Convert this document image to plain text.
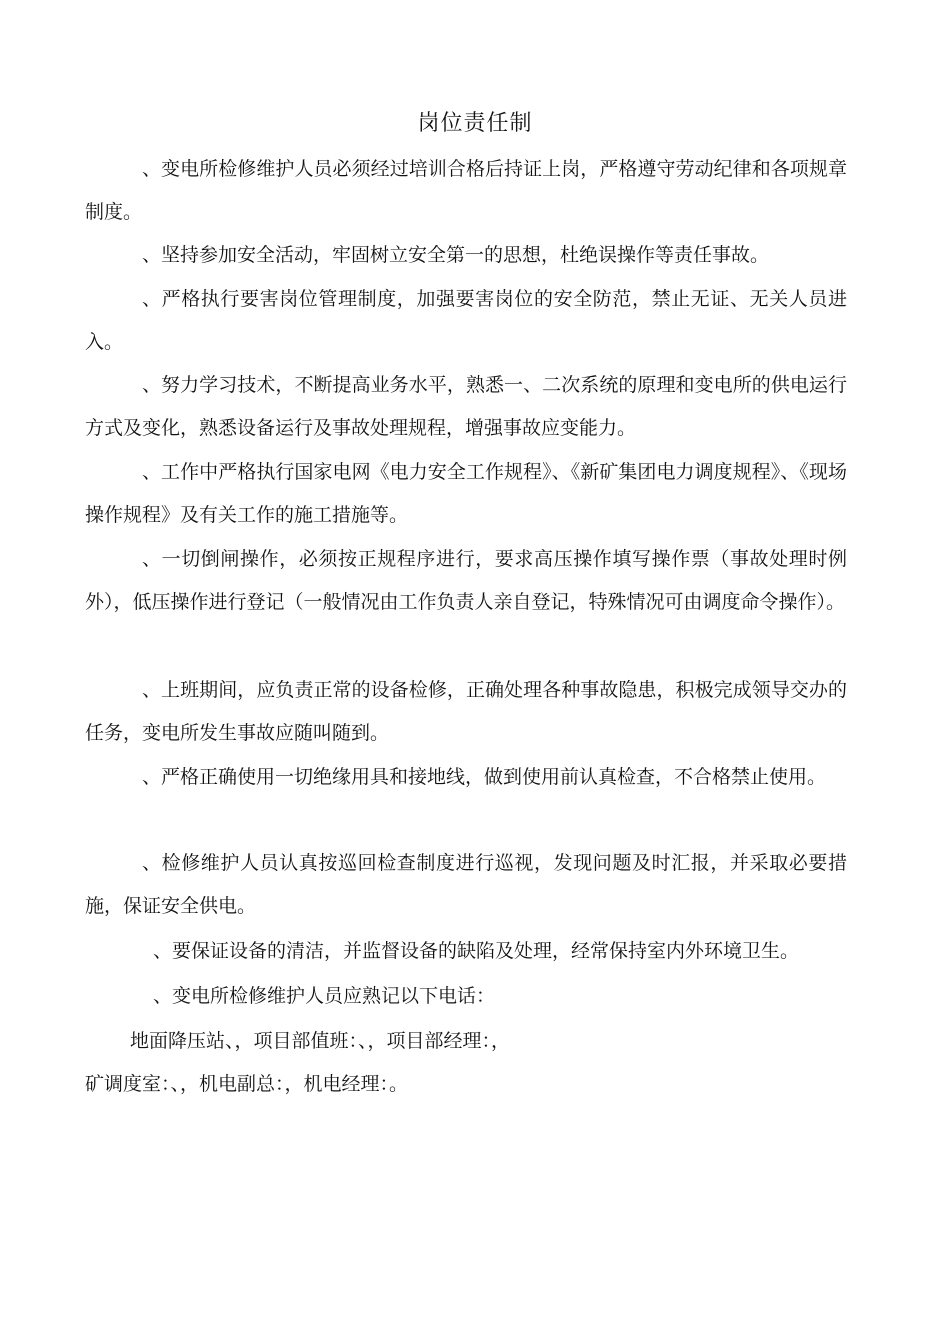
岗位责任制

、变电所检修维护人员必须经过培训合格后持证上岗，严格遵守劳动纪律和各项规章制度。

、坚持参加安全活动，牢固树立安全第一的思想，杜绝误操作等责任事故。

、严格执行要害岗位管理制度，加强要害岗位的安全防范，禁止无证、无关人员进入。

、努力学习技术，不断提高业务水平，熟悉一、二次系统的原理和变电所的供电运行方式及变化，熟悉设备运行及事故处理规程，增强事故应变能力。

、工作中严格执行国家电网《电力安全工作规程》、《新矿集团电力调度规程》、《现场操作规程》及有关工作的施工措施等。

、一切倒闸操作，必须按正规程序进行，要求高压操作填写操作票（事故处理时例外），低压操作进行登记（一般情况由工作负责人亲自登记，特殊情况可由调度命令操作）。

、上班期间，应负责正常的设备检修，正确处理各种事故隐患，积极完成领导交办的任务，变电所发生事故应随叫随到。

、严格正确使用一切绝缘用具和接地线，做到使用前认真检查，不合格禁止使用。

、检修维护人员认真按巡回检查制度进行巡视，发现问题及时汇报，并采取必要措施，保证安全供电。

、要保证设备的清洁，并监督设备的缺陷及处理，经常保持室内外环境卫生。

、变电所检修维护人员应熟记以下电话：

地面降压站、，项目部值班：、，项目部经理：，

矿调度室：、，机电副总：，机电经理：。
